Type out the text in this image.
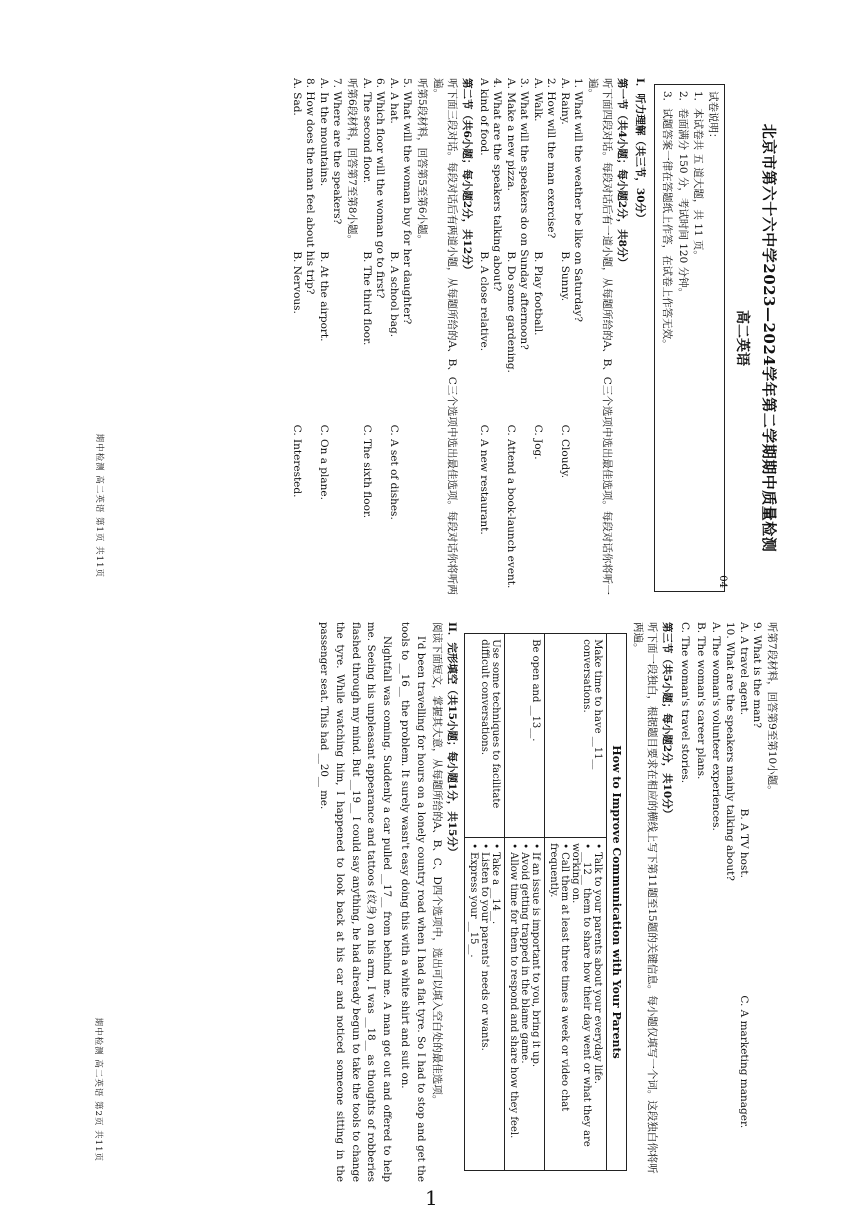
北京市第六十六中学2023—2024学年第二学期期中质量检测
高二英语
04
试卷说明：
1．本试卷共 五 道大题，共 11 页。
2．卷面满分 150 分，考试时间 120 分钟。
3．试题答案一律在答题纸上作答，在试卷上作答无效。
I．听力理解（共三节，30分）
第一节（共4小题；每小题2分，共8分）
听下面四段对话。每段对话后有一道小题，从每题所给的A、B、C三个选项中选出最佳选项。每段对话你将听一遍。
1. What will the weather be like on Saturday?
A. Rainy.
B. Sunny.
C. Cloudy.
2. How will the man exercise?
A. Walk.
B. Play football.
C. Jog.
3. What will the speakers do on Sunday afternoon?
A. Make a new pizza.
B. Do some gardening.
C. Attend a book-launch event.
4. What are the speakers talking about?
A kind of food.
B. A close relative.
C. A new restaurant.
第二节（共6小题；每小题2分，共12分）
听下面三段对话。每段对话后有两道小题，从每题所给的A、B、C三个选项中选出最佳选项。每段对话你将听两遍。
听第5段材料，回答第5至第6小题。
5. What will the woman buy for her daughter?
A. A hat.
B. A school bag.
C. A set of dishes.
6. Which floor will the woman go to first?
A. The second floor.
B. The third floor.
C. The sixth floor.
听第6段材料，回答第7至第8小题。
7. Where are the speakers?
A. In the mountains.
B. At the airport.
C. On a plane.
8. How does the man feel about his trip?
A. Sad.
B. Nervous.
C. Interested.
期中检测 高二英语 第1页 共11页
听第7段材料，回答第9至第10小题。
9. What is the man?
A. A travel agent.
B. A TV host.
C. A marketing manager.
10. What are the speakers mainly talking about?
A. The woman's volunteer experiences.
B. The woman's career plans.
C. The woman's travel stories.
第三节（共5小题；每小题2分，共10分）
听下面一段独白，根据题目要求在相应的横线上写下第11题至15题的关键信息。每小题仅填写一个词。这段独白你将听两遍。
How to Improve Communication with Your Parents	
Make time to have __11__ conversations.	• Talk to your parents about your everyday life.
• __12__ them to share how their day went or what they are working on.
• Call them at least three times a week or video chat frequently.

Be open and __13__.	• If an issue is important to you, bring it up.
• Avoid getting trapped in the blame game.
• Allow time for them to respond and share how they feel.

Use some techniques to facilitate difficult conversations.	• Take a __14__.
• Listen to your parents' needs or wants.
• Express your __15__.
II．完形填空（共15小题；每小题1分，共15分）
阅读下面短文，掌握其大意，从每题所给的A、B、C、D四个选项中，选出可以填入空白处的最佳选项。

I'd been travelling for hours on a lonely country road when I had a flat tyre. So I had to stop and get the tools to __16__ the problem. It surely wasn't easy doing this with a white shirt and suit on.

Nightfall was coming. Suddenly a car pulled __17__ from behind me. A man got out and offered to help me. Seeing his unpleasant appearance and tattoos (纹身) on his arm, I was __18__ as thoughts of robberies flashed through my mind. But __19__ I could say anything, he had already begun to take the tools to change the tyre. While watching him, I happened to look back at his car and noticed someone sitting in the passenger seat. This had __20__ me.

期中检测 高二英语 第2页 共11页
1
